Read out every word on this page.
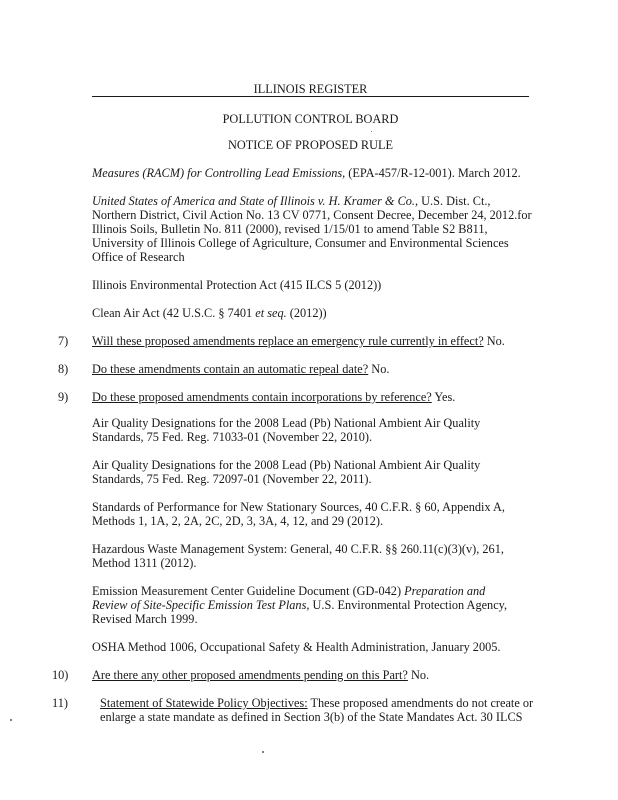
ILLINOIS REGISTER
POLLUTION CONTROL BOARD
NOTICE OF PROPOSED RULE
Measures (RACM) for Controlling Lead Emissions, (EPA-457/R-12-001). March 2012.
United States of America and State of Illinois v. H. Kramer & Co., U.S. Dist. Ct., Northern District, Civil Action No. 13 CV 0771, Consent Decree, December 24, 2012.for Illinois Soils, Bulletin No. 811 (2000), revised 1/15/01 to amend Table S2 B811, University of Illinois College of Agriculture, Consumer and Environmental Sciences Office of Research
Illinois Environmental Protection Act (415 ILCS 5 (2012))
Clean Air Act (42 U.S.C. § 7401 et seq. (2012))
7) Will these proposed amendments replace an emergency rule currently in effect? No.
8) Do these amendments contain an automatic repeal date? No.
9) Do these proposed amendments contain incorporations by reference? Yes.
Air Quality Designations for the 2008 Lead (Pb) National Ambient Air Quality Standards, 75 Fed. Reg. 71033-01 (November 22, 2010).
Air Quality Designations for the 2008 Lead (Pb) National Ambient Air Quality Standards, 75 Fed. Reg. 72097-01 (November 22, 2011).
Standards of Performance for New Stationary Sources, 40 C.F.R. § 60, Appendix A, Methods 1, 1A, 2, 2A, 2C, 2D, 3, 3A, 4, 12, and 29 (2012).
Hazardous Waste Management System: General, 40 C.F.R. §§ 260.11(c)(3)(v), 261, Method 1311 (2012).
Emission Measurement Center Guideline Document (GD-042) Preparation and Review of Site-Specific Emission Test Plans, U.S. Environmental Protection Agency, Revised March 1999.
OSHA Method 1006, Occupational Safety & Health Administration, January 2005.
10) Are there any other proposed amendments pending on this Part? No.
11)	Statement of Statewide Policy Objectives: These proposed amendments do not create or
enlarge a state mandate as defined in Section 3(b) of the State Mandates Act. 30 ILCS
